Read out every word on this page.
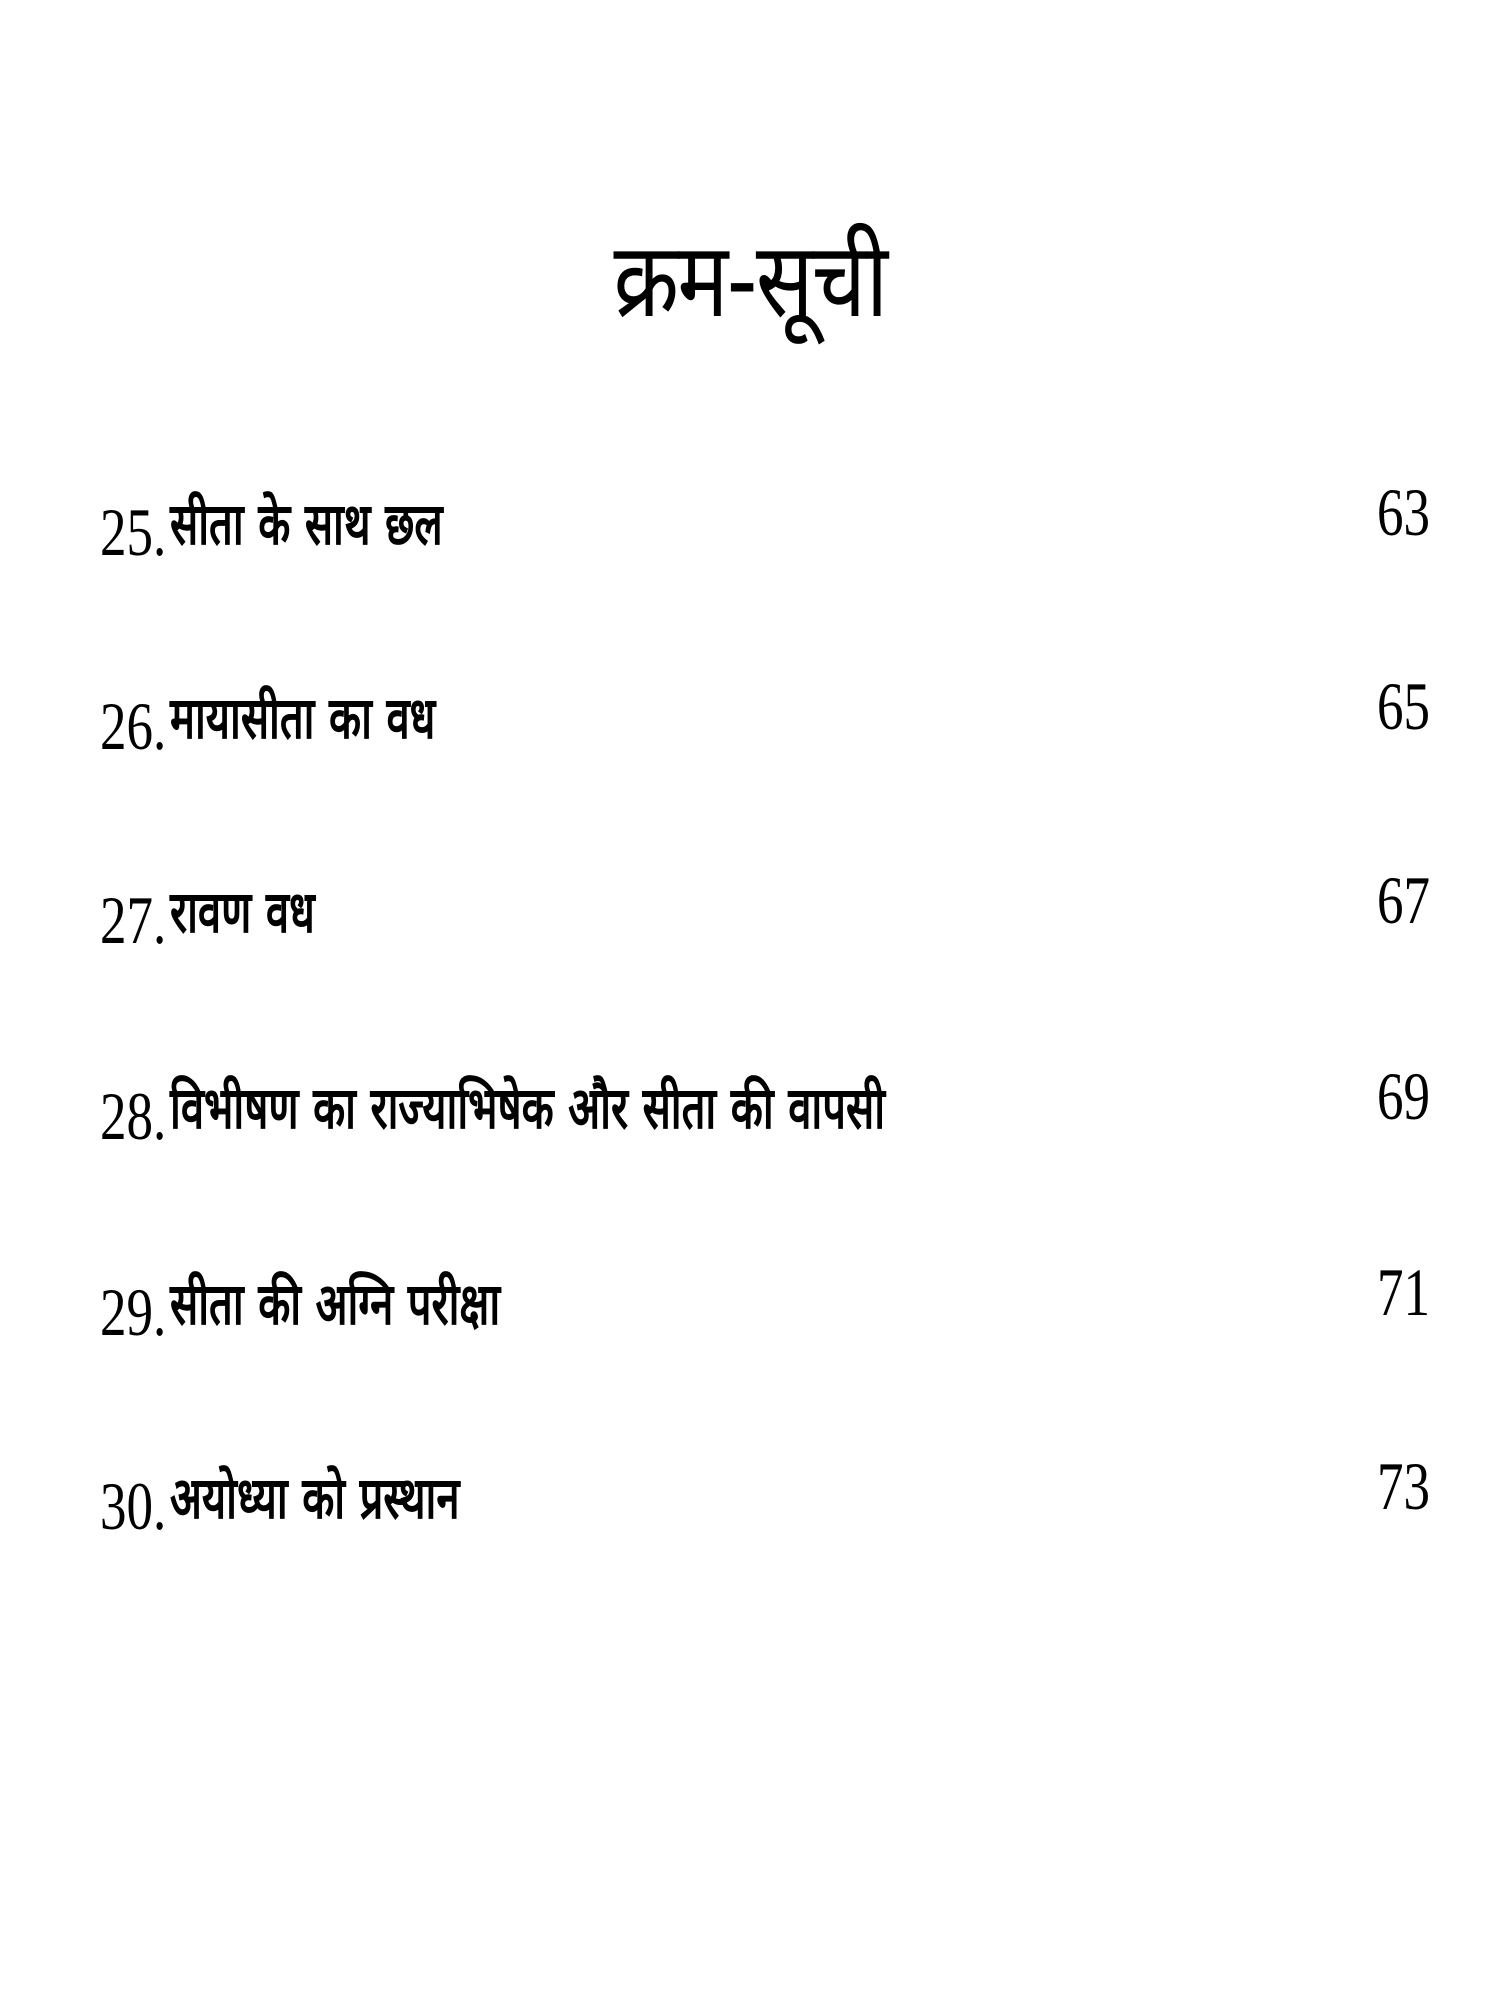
क्रम-सूची
25. सीता के साथ छल	63
26. मायासीता का वध	65
27. रावण वध	67
28. विभीषण का राज्याभिषेक और सीता की वापसी	69
29. सीता की अग्नि परीक्षा	71
30. अयोध्या को प्रस्थान	73
